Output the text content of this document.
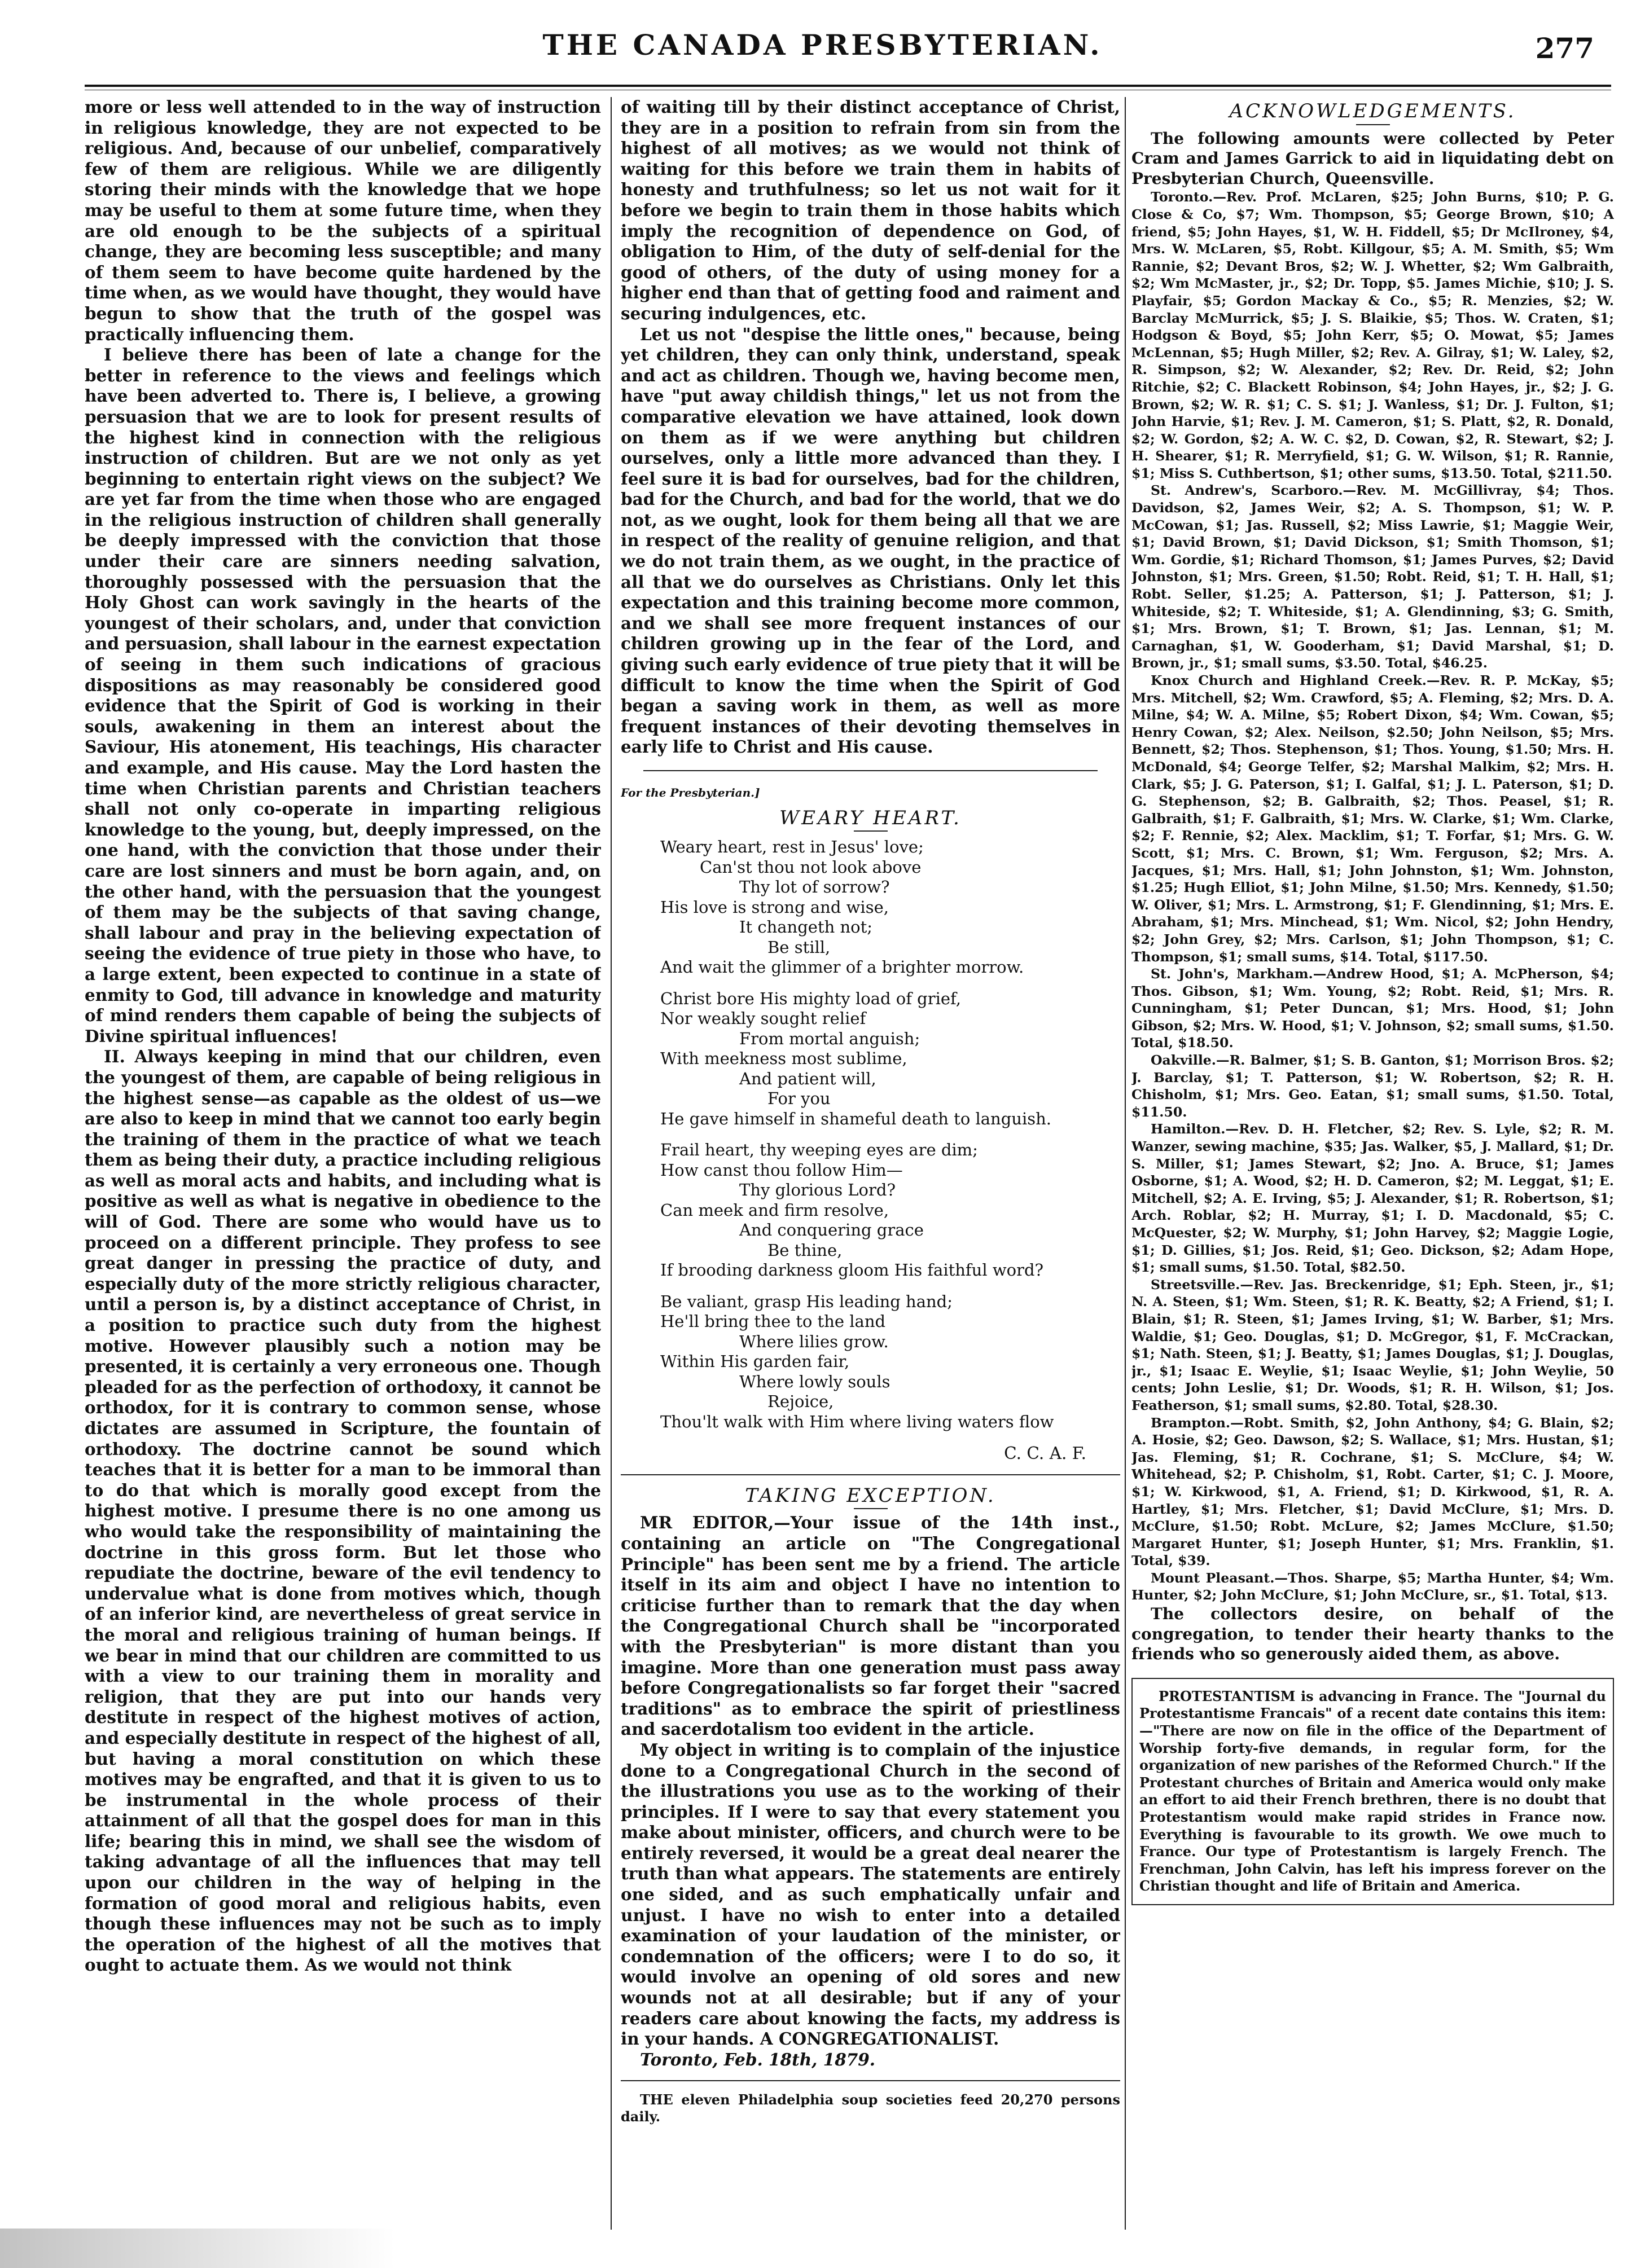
THE CANADA PRESBYTERIAN.	277

more or less well attended to in the way of instruction in religious knowledge, they are not expected to be religious. And, because of our unbelief, comparatively few of them are religious. While we are diligently storing their minds with the knowledge that we hope may be useful to them at some future time, when they are old enough to be the subjects of a spiritual change, they are becoming less susceptible; and many of them seem to have become quite hardened by the time when, as we would have thought, they would have begun to show that the truth of the gospel was practically influencing them.

I believe there has been of late a change for the better in reference to the views and feelings which have been adverted to. There is, I believe, a growing persuasion that we are to look for present results of the highest kind in connection with the religious instruction of children. But are we not only as yet beginning to entertain right views on the subject? We are yet far from the time when those who are engaged in the religious instruction of children shall generally be deeply impressed with the conviction that those under their care are sinners needing salvation, thoroughly possessed with the persuasion that the Holy Ghost can work savingly in the hearts of the youngest of their scholars, and, under that conviction and persuasion, shall labour in the earnest expectation of seeing in them such indications of gracious dispositions as may reasonably be considered good evidence that the Spirit of God is working in their souls, awakening in them an interest about the Saviour, His atonement, His teachings, His character and example, and His cause. May the Lord hasten the time when Christian parents and Christian teachers shall not only co-operate in imparting religious knowledge to the young, but, deeply impressed, on the one hand, with the conviction that those under their care are lost sinners and must be born again, and, on the other hand, with the persuasion that the youngest of them may be the subjects of that saving change, shall labour and pray in the believing expectation of seeing the evidence of true piety in those who have, to a large extent, been expected to continue in a state of enmity to God, till advance in knowledge and maturity of mind renders them capable of being the subjects of Divine spiritual influences!

II. Always keeping in mind that our children, even the youngest of them, are capable of being religious in the highest sense—as capable as the oldest of us—we are also to keep in mind that we cannot too early begin the training of them in the practice of what we teach them as being their duty, a practice including religious as well as moral acts and habits, and including what is positive as well as what is negative in obedience to the will of God. There are some who would have us to proceed on a different principle. They profess to see great danger in pressing the practice of duty, and especially duty of the more strictly religious character, until a person is, by a distinct acceptance of Christ, in a position to practice such duty from the highest motive. However plausibly such a notion may be presented, it is certainly a very erroneous one. Though pleaded for as the perfection of orthodoxy, it cannot be orthodox, for it is contrary to common sense, whose dictates are assumed in Scripture, the fountain of orthodoxy. The doctrine cannot be sound which teaches that it is better for a man to be immoral than to do that which is morally good except from the highest motive. I presume there is no one among us who would take the responsibility of maintaining the doctrine in this gross form. But let those who repudiate the doctrine, beware of the evil tendency to undervalue what is done from motives which, though of an inferior kind, are nevertheless of great service in the moral and religious training of human beings. If we bear in mind that our children are committed to us with a view to our training them in morality and religion, that they are put into our hands very destitute in respect of the highest motives of action, and especially destitute in respect of the highest of all, but having a moral constitution on which these motives may be engrafted, and that it is given to us to be instrumental in the whole process of their attainment of all that the gospel does for man in this life; bearing this in mind, we shall see the wisdom of taking advantage of all the influences that may tell upon our children in the way of helping in the formation of good moral and religious habits, even though these influences may not be such as to imply the operation of the highest of all the motives that ought to actuate them. As we would not think

of waiting till by their distinct acceptance of Christ, they are in a position to refrain from sin from the highest of all motives; as we would not think of waiting for this before we train them in habits of honesty and truthfulness; so let us not wait for it before we begin to train them in those habits which imply the recognition of dependence on God, of obligation to Him, of the duty of self-denial for the good of others, of the duty of using money for a higher end than that of getting food and raiment and securing indulgences, etc.

Let us not "despise the little ones," because, being yet children, they can only think, understand, speak and act as children. Though we, having become men, have "put away childish things," let us not from the comparative elevation we have attained, look down on them as if we were anything but children ourselves, only a little more advanced than they. I feel sure it is bad for ourselves, bad for the children, bad for the Church, and bad for the world, that we do not, as we ought, look for them being all that we are in respect of the reality of genuine religion, and that we do not train them, as we ought, in the practice of all that we do ourselves as Christians. Only let this expectation and this training become more common, and we shall see more frequent instances of our children growing up in the fear of the Lord, and giving such early evidence of true piety that it will be difficult to know the time when the Spirit of God began a saving work in them, as well as more frequent instances of their devoting themselves in early life to Christ and His cause.

For the Presbyterian.]

WEARY HEART.
Weary heart, rest in Jesus' love;
Can'st thou not look above
Thy lot of sorrow?
His love is strong and wise,
It changeth not;
Be still,
And wait the glimmer of a brighter morrow.
Christ bore His mighty load of grief,
Nor weakly sought relief
From mortal anguish;
With meekness most sublime,
And patient will,
For you
He gave himself in shameful death to languish.
Frail heart, thy weeping eyes are dim;
How canst thou follow Him—
Thy glorious Lord?
Can meek and firm resolve,
And conquering grace
Be thine,
If brooding darkness gloom His faithful word?
Be valiant, grasp His leading hand;
He'll bring thee to the land
Where lilies grow.
Within His garden fair,
Where lowly souls
Rejoice,
Thou'lt walk with Him where living waters flow
C. C. A. F.
TAKING EXCEPTION.

MR EDITOR,—Your issue of the 14th inst., containing an article on "The Congregational Principle" has been sent me by a friend. The article itself in its aim and object I have no intention to criticise further than to remark that the day when the Congregational Church shall be "incorporated with the Presbyterian" is more distant than you imagine. More than one generation must pass away before Congregationalists so far forget their "sacred traditions" as to embrace the spirit of priestliness and sacerdotalism too evident in the article.

My object in writing is to complain of the injustice done to a Congregational Church in the second of the illustrations you use as to the working of their principles. If I were to say that every statement you make about minister, officers, and church were to be entirely reversed, it would be a great deal nearer the truth than what appears. The statements are entirely one sided, and as such emphatically unfair and unjust. I have no wish to enter into a detailed examination of your laudation of the minister, or condemnation of the officers; were I to do so, it would involve an opening of old sores and new wounds not at all desirable; but if any of your readers care about knowing the facts, my address is in your hands. A CONGREGATIONALIST.

Toronto, Feb. 18th, 1879.

THE eleven Philadelphia soup societies feed 20,270 persons daily.

ACKNOWLEDGEMENTS.

The following amounts were collected by Peter Cram and James Garrick to aid in liquidating debt on Presbyterian Church, Queensville.

Toronto.—Rev. Prof. McLaren, $25; John Burns, $10; P. G. Close & Co, $7; Wm. Thompson, $5; George Brown, $10; A friend, $5; John Hayes, $1, W. H. Fiddell, $5; Dr McIlroney, $4, Mrs. W. McLaren, $5, Robt. Killgour, $5; A. M. Smith, $5; Wm Rannie, $2; Devant Bros, $2; W. J. Whetter, $2; Wm Galbraith, $2; Wm McMaster, jr., $2; Dr. Topp, $5. James Michie, $10; J. S. Playfair, $5; Gordon Mackay & Co., $5; R. Menzies, $2; W. Barclay McMurrick, $5; J. S. Blaikie, $5; Thos. W. Craten, $1; Hodgson & Boyd, $5; John Kerr, $5; O. Mowat, $5; James McLennan, $5; Hugh Miller, $2; Rev. A. Gilray, $1; W. Laley, $2, R. Simpson, $2; W. Alexander, $2; Rev. Dr. Reid, $2; John Ritchie, $2; C. Blackett Robinson, $4; John Hayes, jr., $2; J. G. Brown, $2; W. R. $1; C. S. $1; J. Wanless, $1; Dr. J. Fulton, $1; John Harvie, $1; Rev. J. M. Cameron, $1; S. Platt, $2, R. Donald, $2; W. Gordon, $2; A. W. C. $2, D. Cowan, $2, R. Stewart, $2; J. H. Shearer, $1; R. Merryfield, $1; G. W. Wilson, $1; R. Rannie, $1; Miss S. Cuthbertson, $1; other sums, $13.50. Total, $211.50.

St. Andrew's, Scarboro.—Rev. M. McGillivray, $4; Thos. Davidson, $2, James Weir, $2; A. S. Thompson, $1; W. P. McCowan, $1; Jas. Russell, $2; Miss Lawrie, $1; Maggie Weir, $1; David Brown, $1; David Dickson, $1; Smith Thomson, $1; Wm. Gordie, $1; Richard Thomson, $1; James Purves, $2; David Johnston, $1; Mrs. Green, $1.50; Robt. Reid, $1; T. H. Hall, $1; Robt. Seller, $1.25; A. Patterson, $1; J. Patterson, $1; J. Whiteside, $2; T. Whiteside, $1; A. Glendinning, $3; G. Smith, $1; Mrs. Brown, $1; T. Brown, $1; Jas. Lennan, $1; M. Carnaghan, $1, W. Gooderham, $1; David Marshal, $1; D. Brown, jr., $1; small sums, $3.50. Total, $46.25.

Knox Church and Highland Creek.—Rev. R. P. McKay, $5; Mrs. Mitchell, $2; Wm. Crawford, $5; A. Fleming, $2; Mrs. D. A. Milne, $4; W. A. Milne, $5; Robert Dixon, $4; Wm. Cowan, $5; Henry Cowan, $2; Alex. Neilson, $2.50; John Neilson, $5; Mrs. Bennett, $2; Thos. Stephenson, $1; Thos. Young, $1.50; Mrs. H. McDonald, $4; George Telfer, $2; Marshal Malkim, $2; Mrs. H. Clark, $5; J. G. Paterson, $1; I. Galfal, $1; J. L. Paterson, $1; D. G. Stephenson, $2; B. Galbraith, $2; Thos. Peasel, $1; R. Galbraith, $1; F. Galbraith, $1; Mrs. W. Clarke, $1; Wm. Clarke, $2; F. Rennie, $2; Alex. Macklim, $1; T. Forfar, $1; Mrs. G. W. Scott, $1; Mrs. C. Brown, $1; Wm. Ferguson, $2; Mrs. A. Jacques, $1; Mrs. Hall, $1; John Johnston, $1; Wm. Johnston, $1.25; Hugh Elliot, $1; John Milne, $1.50; Mrs. Kennedy, $1.50; W. Oliver, $1; Mrs. L. Armstrong, $1; F. Glendinning, $1; Mrs. E. Abraham, $1; Mrs. Minchead, $1; Wm. Nicol, $2; John Hendry, $2; John Grey, $2; Mrs. Carlson, $1; John Thompson, $1; C. Thompson, $1; small sums, $14. Total, $117.50.

St. John's, Markham.—Andrew Hood, $1; A. McPherson, $4; Thos. Gibson, $1; Wm. Young, $2; Robt. Reid, $1; Mrs. R. Cunningham, $1; Peter Duncan, $1; Mrs. Hood, $1; John Gibson, $2; Mrs. W. Hood, $1; V. Johnson, $2; small sums, $1.50. Total, $18.50.

Oakville.—R. Balmer, $1; S. B. Ganton, $1; Morrison Bros. $2; J. Barclay, $1; T. Patterson, $1; W. Robertson, $2; R. H. Chisholm, $1; Mrs. Geo. Eatan, $1; small sums, $1.50. Total, $11.50.

Hamilton.—Rev. D. H. Fletcher, $2; Rev. S. Lyle, $2; R. M. Wanzer, sewing machine, $35; Jas. Walker, $5, J. Mallard, $1; Dr. S. Miller, $1; James Stewart, $2; Jno. A. Bruce, $1; James Osborne, $1; A. Wood, $2; H. D. Cameron, $2; M. Leggat, $1; E. Mitchell, $2; A. E. Irving, $5; J. Alexander, $1; R. Robertson, $1; Arch. Roblar, $2; H. Murray, $1; I. D. Macdonald, $5; C. McQuester, $2; W. Murphy, $1; John Harvey, $2; Maggie Logie, $1; D. Gillies, $1; Jos. Reid, $1; Geo. Dickson, $2; Adam Hope, $1; small sums, $1.50. Total, $82.50.

Streetsville.—Rev. Jas. Breckenridge, $1; Eph. Steen, jr., $1; N. A. Steen, $1; Wm. Steen, $1; R. K. Beatty, $2; A Friend, $1; I. Blain, $1; R. Steen, $1; James Irving, $1; W. Barber, $1; Mrs. Waldie, $1; Geo. Douglas, $1; D. McGregor, $1, F. McCrackan, $1; Nath. Steen, $1; J. Beatty, $1; James Douglas, $1; J. Douglas, jr., $1; Isaac E. Weylie, $1; Isaac Weylie, $1; John Weylie, 50 cents; John Leslie, $1; Dr. Woods, $1; R. H. Wilson, $1; Jos. Featherson, $1; small sums, $2.80. Total, $28.30.

Brampton.—Robt. Smith, $2, John Anthony, $4; G. Blain, $2; A. Hosie, $2; Geo. Dawson, $2; S. Wallace, $1; Mrs. Hustan, $1; Jas. Fleming, $1; R. Cochrane, $1; S. McClure, $4; W. Whitehead, $2; P. Chisholm, $1, Robt. Carter, $1; C. J. Moore, $1; W. Kirkwood, $1, A. Friend, $1; D. Kirkwood, $1, R. A. Hartley, $1; Mrs. Fletcher, $1; David McClure, $1; Mrs. D. McClure, $1.50; Robt. McLure, $2; James McClure, $1.50; Margaret Hunter, $1; Joseph Hunter, $1; Mrs. Franklin, $1. Total, $39.

Mount Pleasant.—Thos. Sharpe, $5; Martha Hunter, $4; Wm. Hunter, $2; John McClure, $1; John McClure, sr., $1. Total, $13.

The collectors desire, on behalf of the congregation, to tender their hearty thanks to the friends who so generously aided them, as above.

PROTESTANTISM is advancing in France. The "Journal du Protestantisme Francais" of a recent date contains this item:—"There are now on file in the office of the Department of Worship forty-five demands, in regular form, for the organization of new parishes of the Reformed Church." If the Protestant churches of Britain and America would only make an effort to aid their French brethren, there is no doubt that Protestantism would make rapid strides in France now. Everything is favourable to its growth. We owe much to France. Our type of Protestantism is largely French. The Frenchman, John Calvin, has left his impress forever on the Christian thought and life of Britain and America.
